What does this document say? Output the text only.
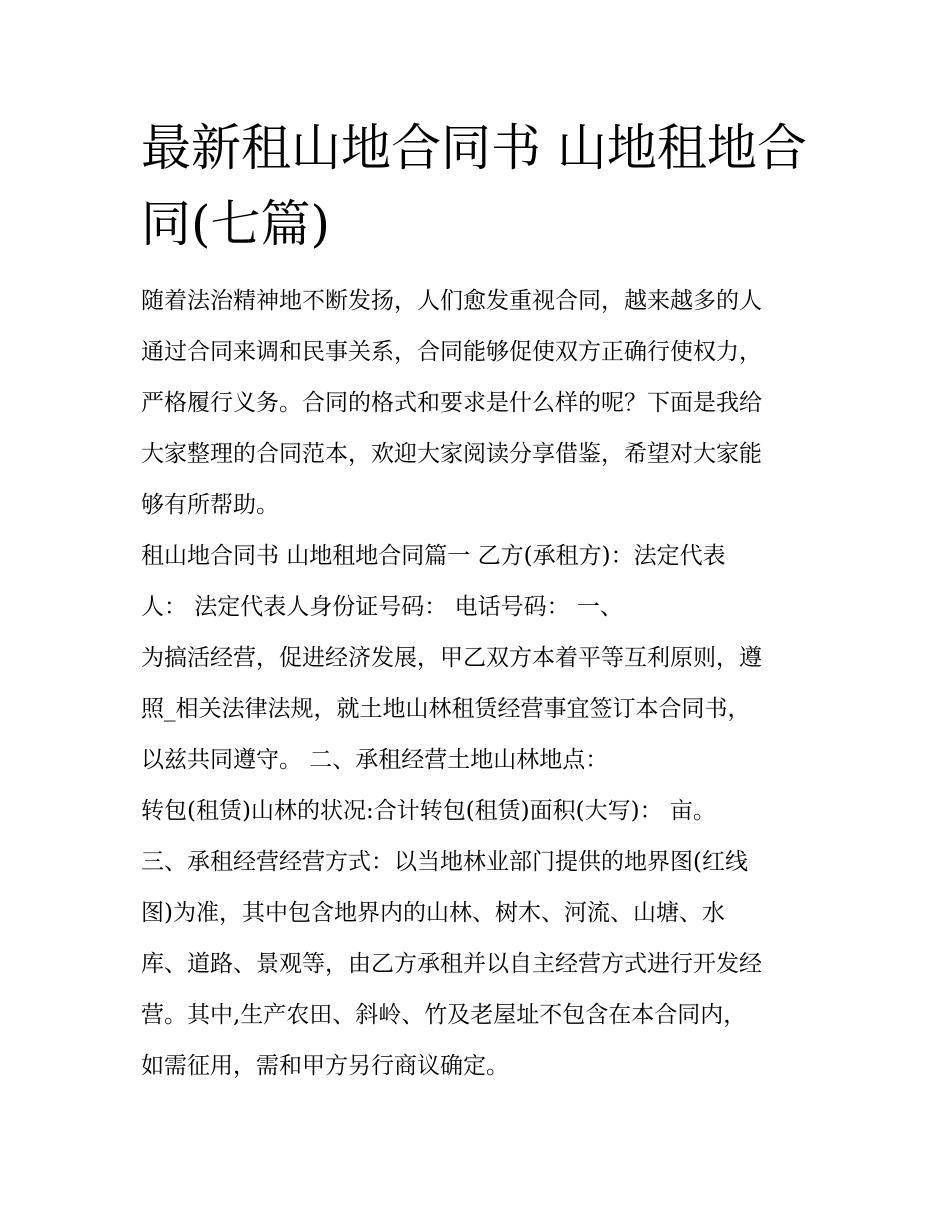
最新租山地合同书 山地租地合
同(七篇)
随着法治精神地不断发扬，人们愈发重视合同，越来越多的人
通过合同来调和民事关系，合同能够促使双方正确行使权力，
严格履行义务。合同的格式和要求是什么样的呢？下面是我给
大家整理的合同范本，欢迎大家阅读分享借鉴，希望对大家能
够有所帮助。
租山地合同书 山地租地合同篇一 乙方(承租方)：法定代表
人： 法定代表人身份证号码： 电话号码： 一、
为搞活经营，促进经济发展，甲乙双方本着平等互利原则，遵
照_相关法律法规，就土地山林租赁经营事宜签订本合同书，
以兹共同遵守。 二、承租经营土地山林地点：
转包(租赁)山林的状况:合计转包(租赁)面积(大写)： 亩。
三、承租经营经营方式：以当地林业部门提供的地界图(红线
图)为准，其中包含地界内的山林、树木、河流、山塘、水
库、道路、景观等，由乙方承租并以自主经营方式进行开发经
营。其中,生产农田、斜岭、竹及老屋址不包含在本合同内，
如需征用，需和甲方另行商议确定。
